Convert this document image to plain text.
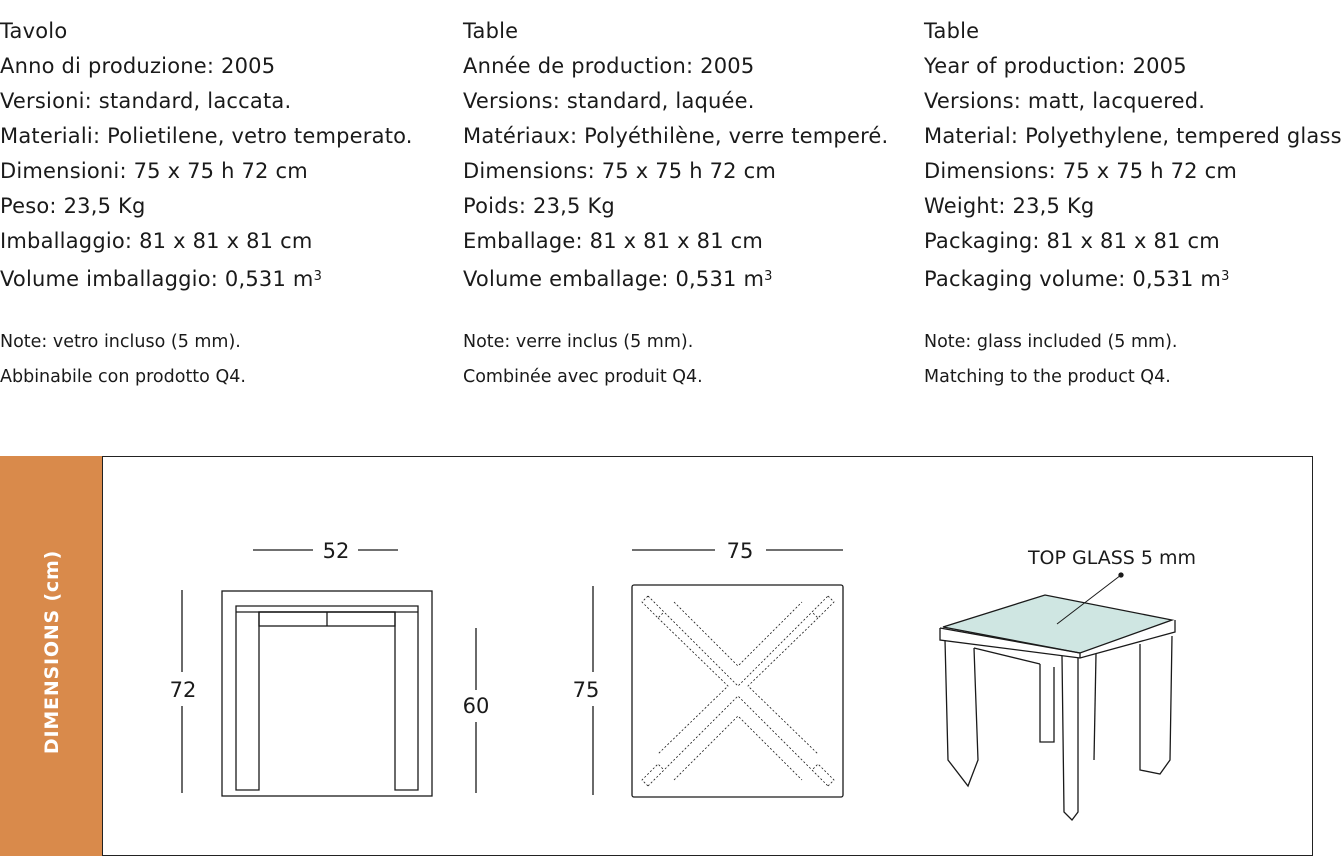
Tavolo
Anno di produzione: 2005
Versioni: standard, laccata.
Materiali: Polietilene, vetro temperato.
Dimensioni: 75 x 75 h 72 cm
Peso: 23,5 Kg
Imballaggio: 81 x 81 x 81 cm
Volume imballaggio: 0,531 $m^3$
Note: vetro incluso (5 mm).
Abbinabile con prodotto Q4.
Table
Année de production: 2005
Versions: standard, laquée.
Matériaux: Polyéthilène, verre temperé.
Dimensions: 75 x 75 h 72 cm
Poids: 23,5 Kg
Emballage: 81 x 81 x 81 cm
Volume emballage: 0,531 $m^3$
Note: verre inclus (5 mm).
Combinée avec produit Q4.
Table
Year of production: 2005
Versions: matt, lacquered.
Material: Polyethylene, tempered glass
Dimensions: 75 x 75 h 72 cm
Weight: 23,5 Kg
Packaging: 81 x 81 x 81 cm
Packaging volume: 0,531 $m^3$
Note: glass included (5 mm).
Matching to the product Q4.
DIMENSIONS (cm)	52
72
60
75
75
TOP GLASS 5 mm
